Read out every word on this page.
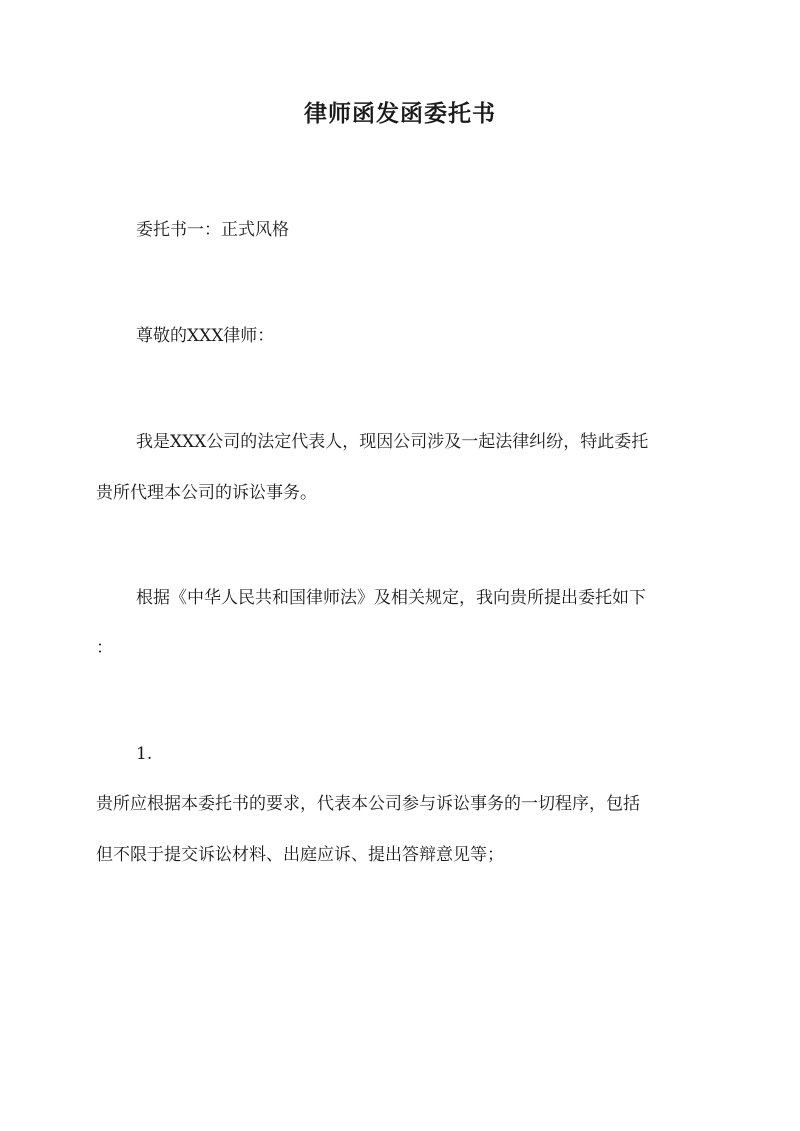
律师函发函委托书
委托书一：正式风格
尊敬的XXX律师：
我是XXX公司的法定代表人，现因公司涉及一起法律纠纷，特此委托
贵所代理本公司的诉讼事务。
根据《中华人民共和国律师法》及相关规定，我向贵所提出委托如下
：
1.
贵所应根据本委托书的要求，代表本公司参与诉讼事务的一切程序，包括
但不限于提交诉讼材料、出庭应诉、提出答辩意见等；
